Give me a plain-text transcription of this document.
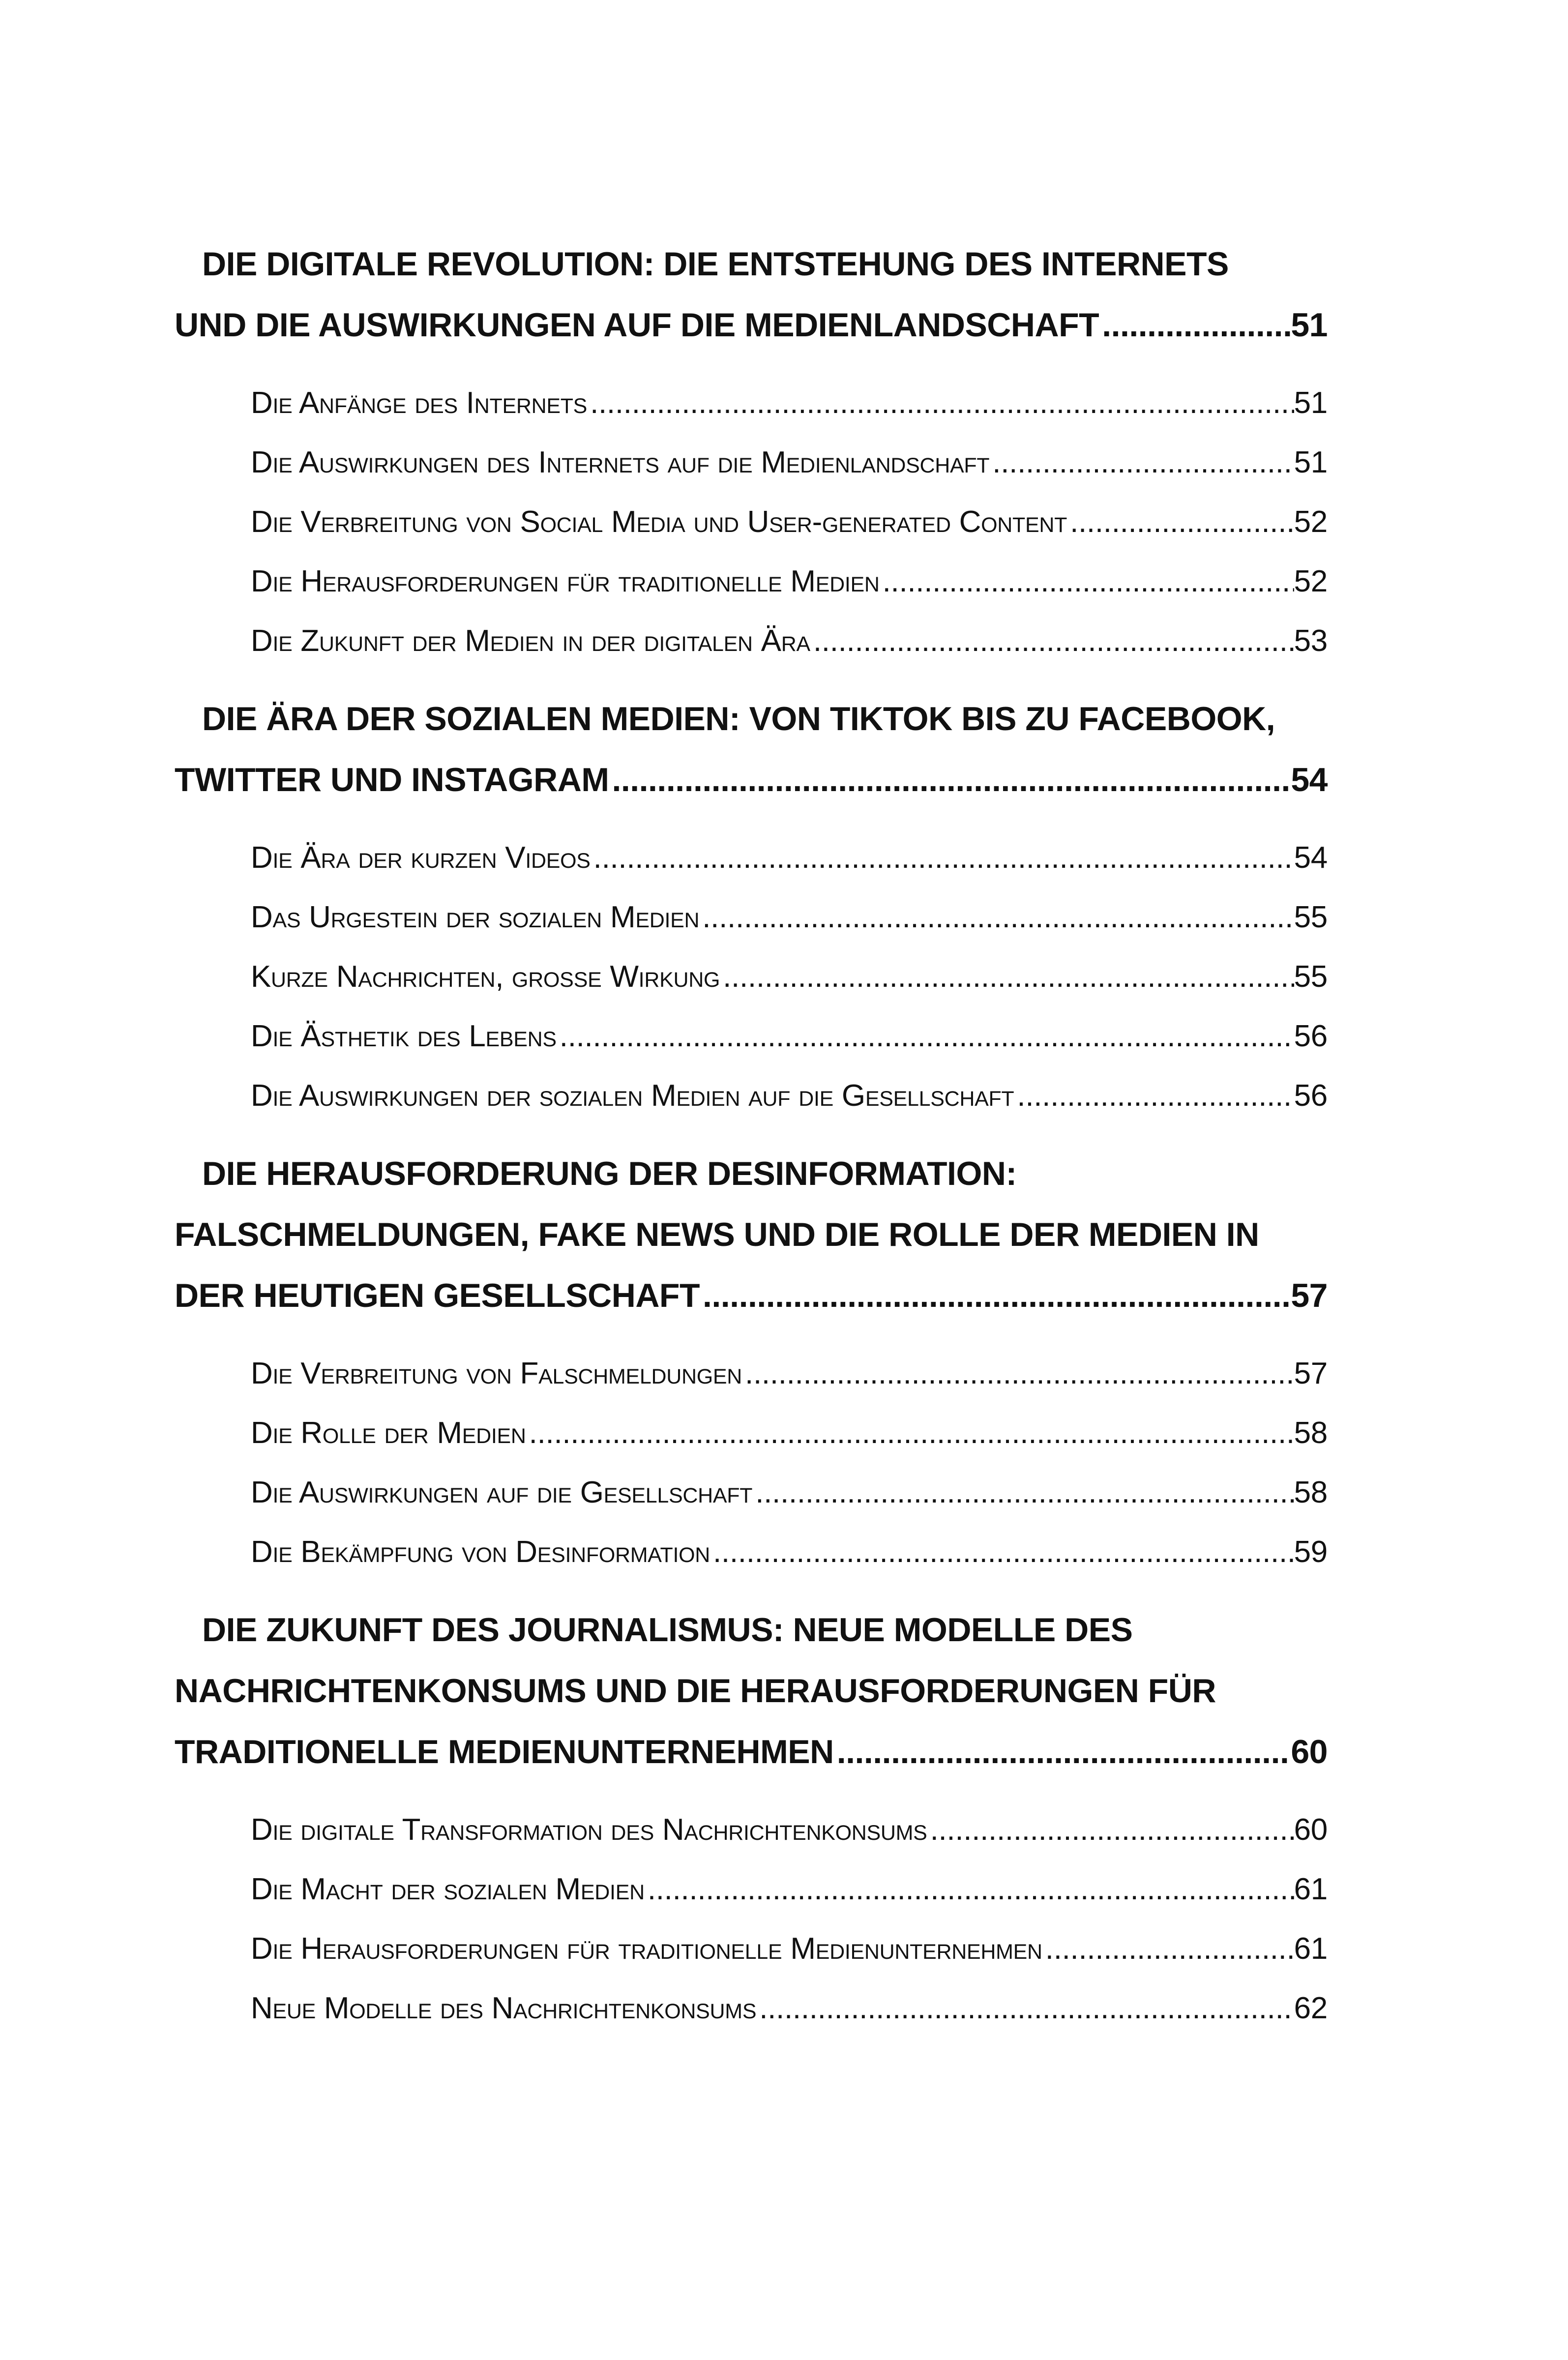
DIE DIGITALE REVOLUTION: DIE ENTSTEHUNG DES INTERNETS
UND DIE AUSWIRKUNGEN AUF DIE MEDIENLANDSCHAFT .....	51
Die Anfänge des Internets .....	51
Die Auswirkungen des Internets auf die Medienlandschaft .....	51
Die Verbreitung von Social Media und User-generated Content .....	52
Die Herausforderungen für traditionelle Medien .....	52
Die Zukunft der Medien in der digitalen Ära .....	53
DIE ÄRA DER SOZIALEN MEDIEN: VON TIKTOK BIS ZU FACEBOOK,
TWITTER UND INSTAGRAM .....	54
Die Ära der kurzen Videos .....	54
Das Urgestein der sozialen Medien .....	55
Kurze Nachrichten, große Wirkung .....	55
Die Ästhetik des Lebens .....	56
Die Auswirkungen der sozialen Medien auf die Gesellschaft .....	56
DIE HERAUSFORDERUNG DER DESINFORMATION:
FALSCHMELDUNGEN, FAKE NEWS UND DIE ROLLE DER MEDIEN IN
DER HEUTIGEN GESELLSCHAFT .....	57
Die Verbreitung von Falschmeldungen .....	57
Die Rolle der Medien .....	58
Die Auswirkungen auf die Gesellschaft .....	58
Die Bekämpfung von Desinformation .....	59
DIE ZUKUNFT DES JOURNALISMUS: NEUE MODELLE DES
NACHRICHTENKONSUMS UND DIE HERAUSFORDERUNGEN FÜR
TRADITIONELLE MEDIENUNTERNEHMEN .....	60
Die digitale Transformation des Nachrichtenkonsums .....	60
Die Macht der sozialen Medien .....	61
Die Herausforderungen für traditionelle Medienunternehmen .....	61
Neue Modelle des Nachrichtenkonsums .....	62
